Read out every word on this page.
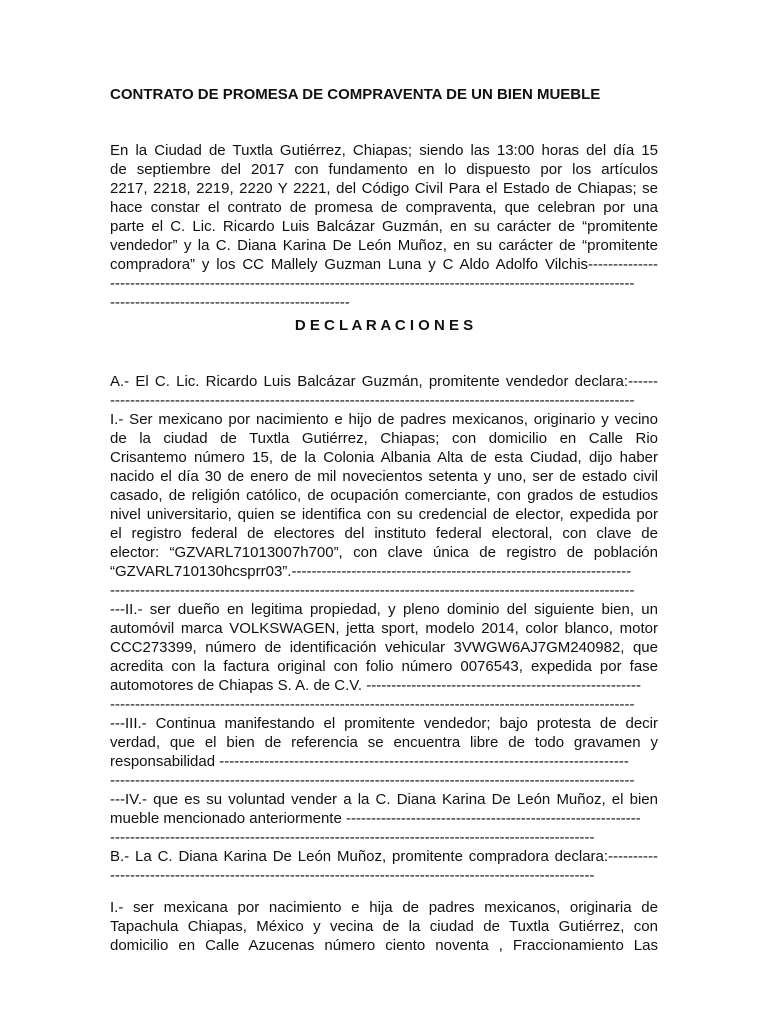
CONTRATO DE PROMESA DE COMPRAVENTA DE UN BIEN MUEBLE
En la Ciudad de Tuxtla Gutiérrez, Chiapas; siendo las 13:00 horas del día 15
de septiembre del 2017 con fundamento en lo dispuesto por los artículos
2217, 2218, 2219, 2220 Y 2221, del Código Civil Para el Estado de Chiapas; se
hace constar el contrato de promesa de compraventa, que celebran por una
parte el C. Lic. Ricardo Luis Balcázar Guzmán, en su carácter de “promitente
vendedor” y la C. Diana Karina De León Muñoz, en su carácter de “promitente
compradora” y los CC Mallely Guzman Luna y C Aldo Adolfo Vilchis--------------
---------------------------------------------------------------------------------------------------------
------------------------------------------------
D E C L A R A C I O N E S
A.- El C. Lic. Ricardo Luis Balcázar Guzmán, promitente vendedor declara:------
---------------------------------------------------------------------------------------------------------
I.- Ser mexicano por nacimiento e hijo de padres mexicanos, originario y vecino
de la ciudad de Tuxtla Gutiérrez, Chiapas; con domicilio en Calle Rio
Crisantemo número 15, de la Colonia Albania Alta de esta Ciudad, dijo haber
nacido el día 30 de enero de mil novecientos setenta y uno, ser de estado civil
casado, de religión católico, de ocupación comerciante, con grados de estudios
nivel universitario, quien se identifica con su credencial de elector, expedida por
el registro federal de electores del instituto federal electoral, con clave de
elector: “GZVARL71013007h700”, con clave única de registro de población
“GZVARL710130hcsprr03”.--------------------------------------------------------------------
---------------------------------------------------------------------------------------------------------
---II.- ser dueño en legitima propiedad, y pleno dominio del siguiente bien, un
automóvil marca VOLKSWAGEN, jetta sport, modelo 2014, color blanco, motor
CCC273399, número de identificación vehicular 3VWGW6AJ7GM240982, que
acredita con la factura original con folio número 0076543, expedida por fase
automotores de Chiapas S. A. de C.V. -------------------------------------------------------
---------------------------------------------------------------------------------------------------------
---III.- Continua manifestando el promitente vendedor; bajo protesta de decir
verdad, que el bien de referencia se encuentra libre de todo gravamen y
responsabilidad ----------------------------------------------------------------------------------
---------------------------------------------------------------------------------------------------------
---IV.- que es su voluntad vender a la C. Diana Karina De León Muñoz, el bien
mueble mencionado anteriormente -----------------------------------------------------------
-------------------------------------------------------------------------------------------------
B.- La C. Diana Karina De León Muñoz, promitente compradora declara:----------
-------------------------------------------------------------------------------------------------
I.- ser mexicana por nacimiento e hija de padres mexicanos, originaria de
Tapachula Chiapas, México y vecina de la ciudad de Tuxtla Gutiérrez, con
domicilio en Calle Azucenas número ciento noventa , Fraccionamiento Las
